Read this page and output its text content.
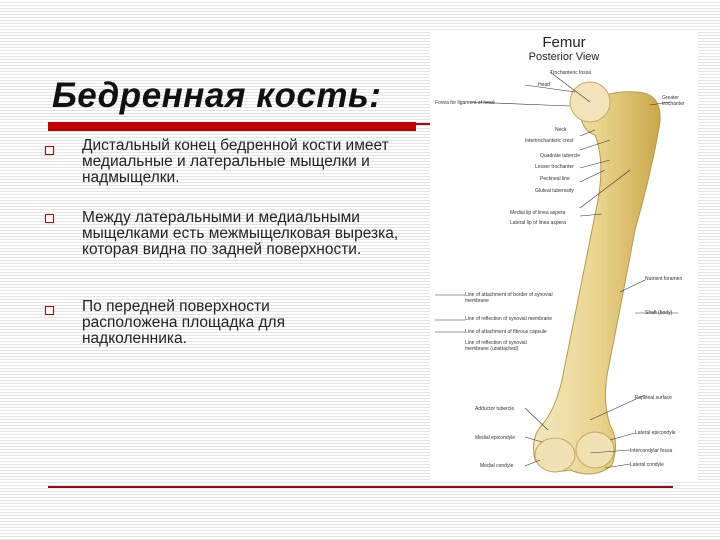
Бедренная кость:
Дистальный конец бедренной кости имеет медиальные и латеральные мыщелки и надмыщелки.
Между латеральными и медиальными мыщелками есть межмыщелковая вырезка, которая видна по задней поверхности.
По передней поверхности расположена площадка для надколенника.
Femur
Posterior View
Trochanteric fossa
Head
Fovea for ligament of head
Greater trochanter
Neck
Intertrochanteric crest
Quadrate tubercle
Lesser trochanter
Pectineal line
Gluteal tuberosity
Medial lip of linea aspera
Lateral lip of linea aspera
Nutrient foramen
Shaft (body)
Line of attachment of border of synovial membrane
Line of reflection of synovial membrane
Line of attachment of fibrous capsule
Line of reflection of synovial membrane (unattached)
Popliteal surface
Adductor tubercle
Medial epicondyle
Lateral epicondyle
Intercondylar fossa
Medial condyle	Lateral condyle
